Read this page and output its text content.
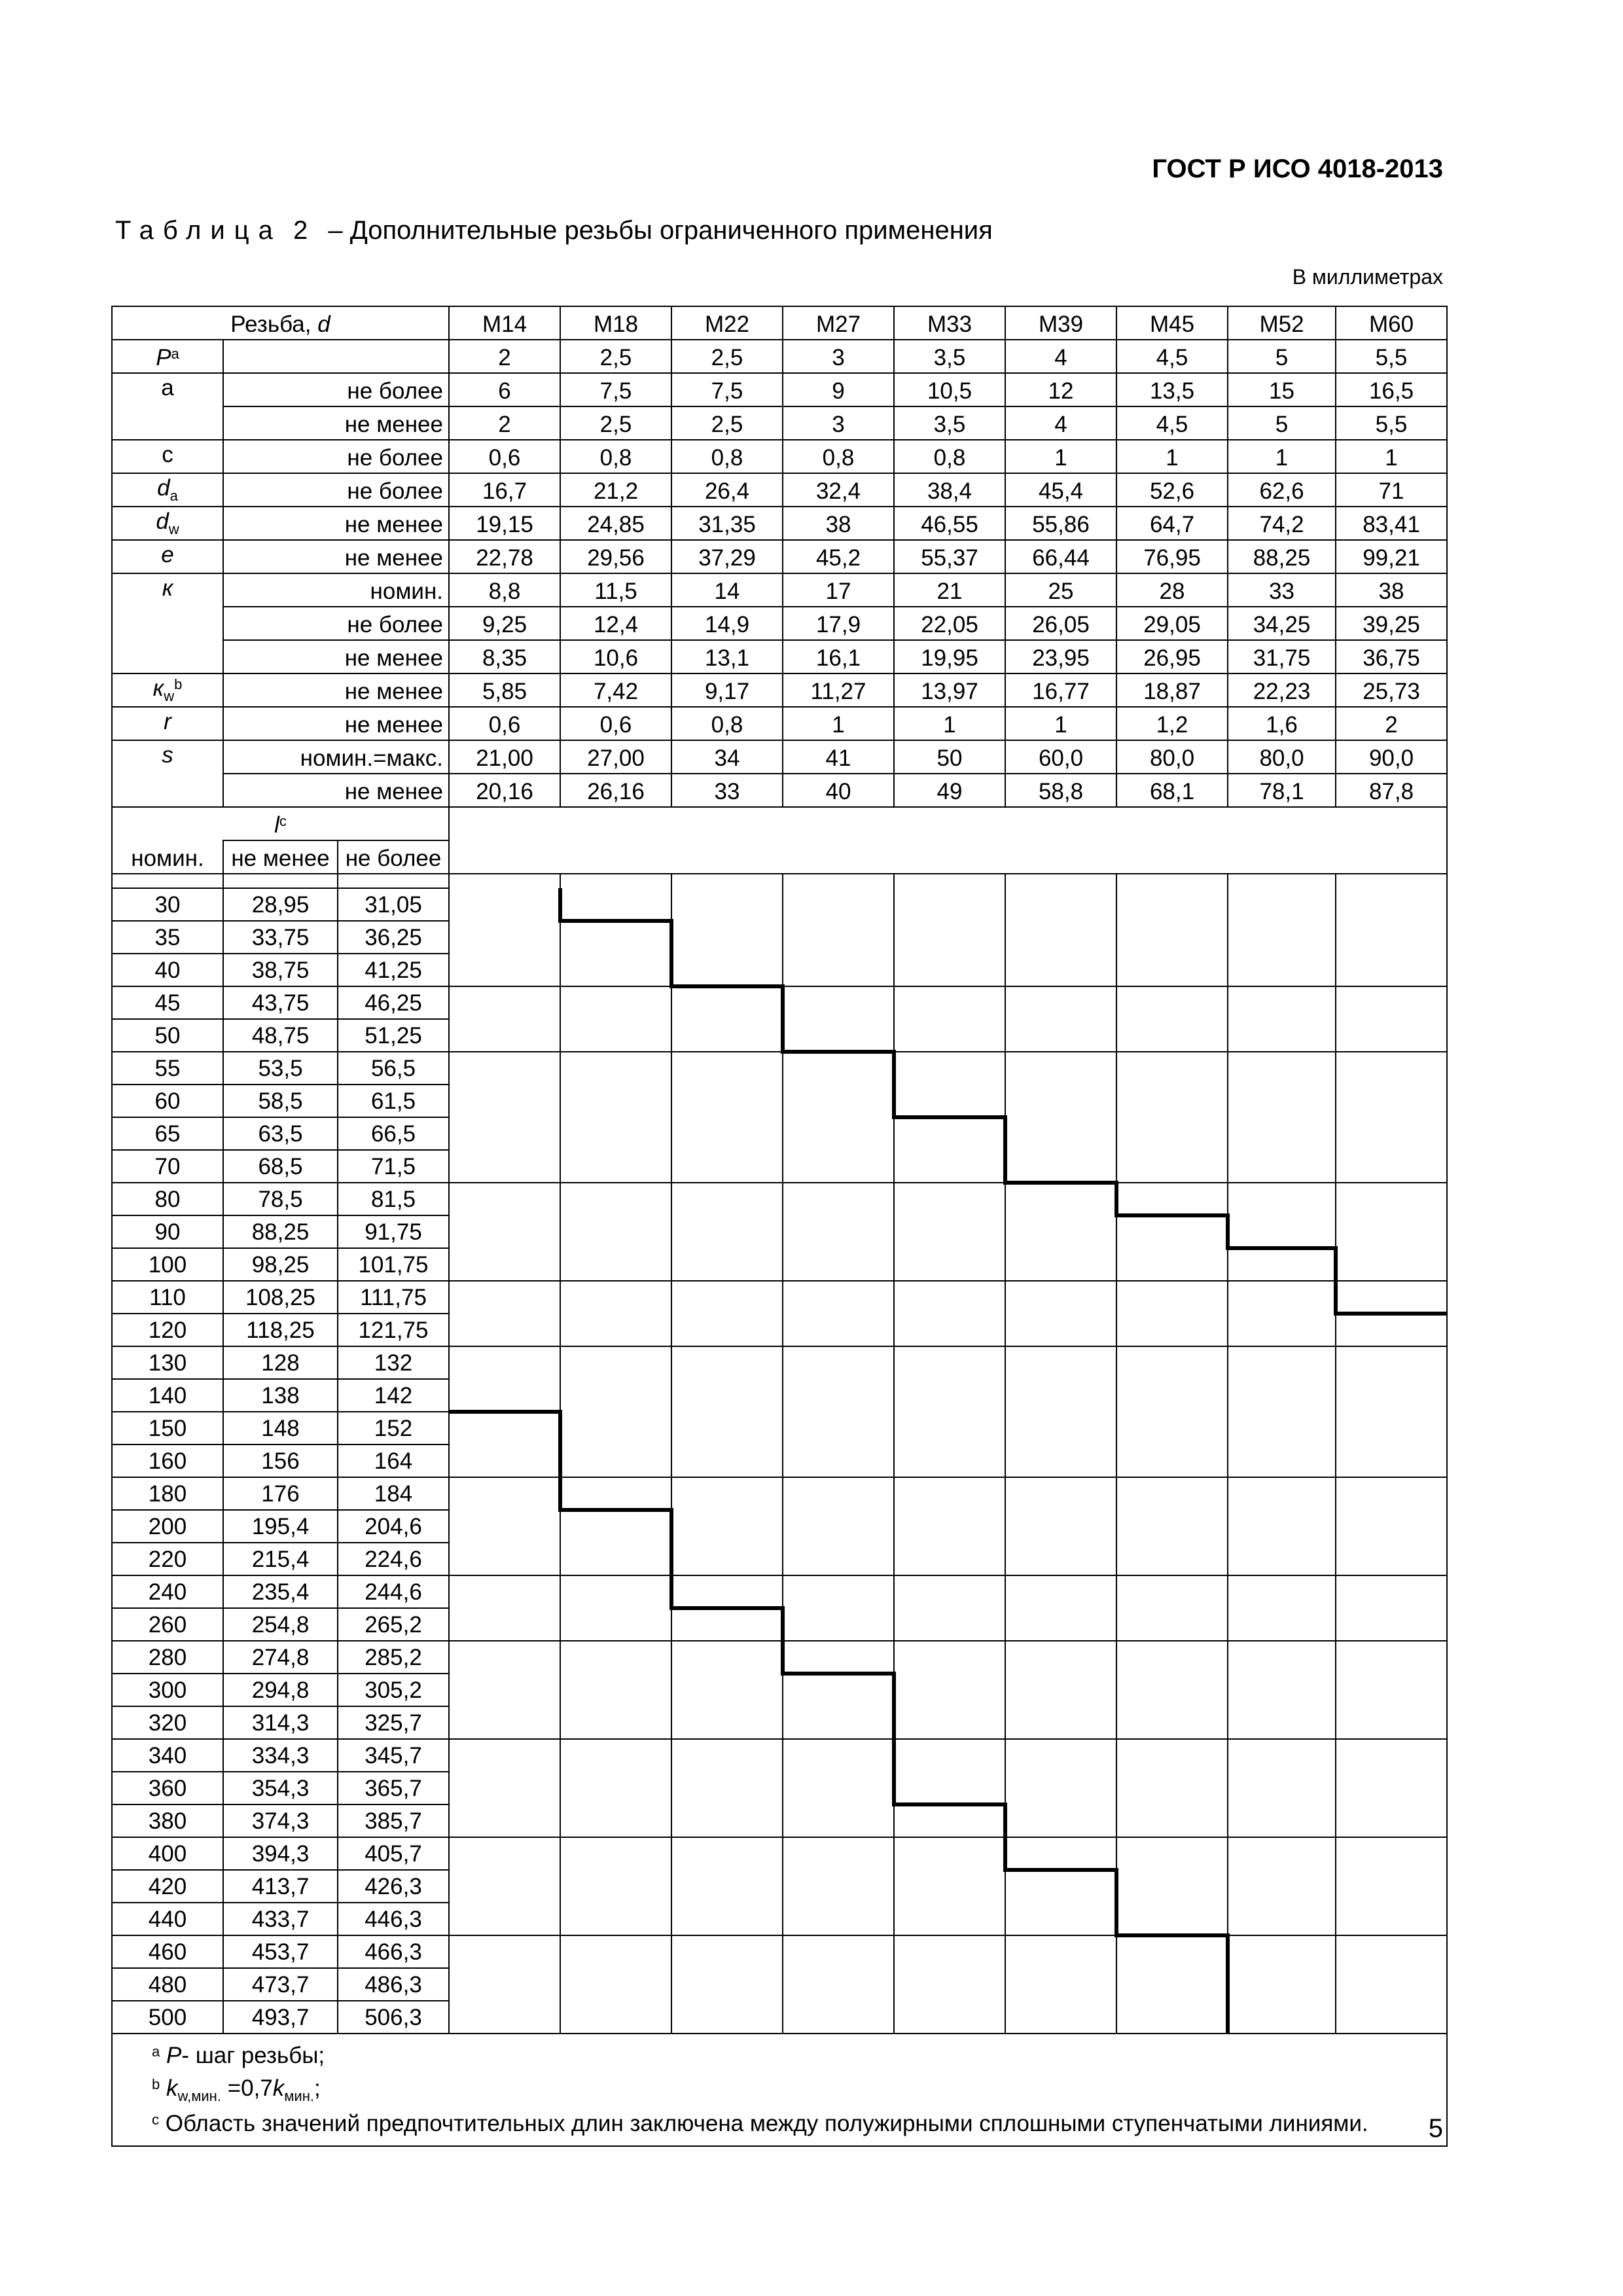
ГОСТ Р ИСО 4018-2013
Таблица 2 – Дополнительные резьбы ограниченного применения
В миллиметрах
Резьба, d			M14	M18	M22	M27	M33	M39	M45	M52	M60
$P^a$			2	2,5	2,5	3	3,5	4	4,5	5	5,5
a	не более		6	7,5	7,5	9	10,5	12	13,5	15	16,5
	не менее		2	2,5	2,5	3	3,5	4	4,5	5	5,5
c	не более		0,6	0,8	0,8	0,8	0,8	1	1	1	1
$d_a$	не более		16,7	21,2	26,4	32,4	38,4	45,4	52,6	62,6	71
$d_w$	не менее		19,15	24,85	31,35	38	46,55	55,86	64,7	74,2	83,41
e	не менее		22,78	29,56	37,29	45,2	55,37	66,44	76,95	88,25	99,21
к	номин.		8,8	11,5	14	17	21	25	28	33	38
	не более		9,25	12,4	14,9	17,9	22,05	26,05	29,05	34,25	39,25
	не менее		8,35	10,6	13,1	16,1	19,95	23,95	26,95	31,75	36,75
$к_w^b$	не менее		5,85	7,42	9,17	11,27	13,97	16,77	18,87	22,23	25,73
r	не менее		0,6	0,6	0,8	1	1	1	1,2	1,6	2
s	номин.=макс.		21,00	27,00	34	41	50	60,0	80,0	80,0	90,0
	не менее		20,16	26,16	33	40	49	58,8	68,1	78,1	87,8
$l^c$	
номин.	не менее	не более									

30	28,95	31,05									
35	33,75	36,25									
40	38,75	41,25									
45	43,75	46,25									
50	48,75	51,25									
55	53,5	56,5									
60	58,5	61,5									
65	63,5	66,5									
70	68,5	71,5									
80	78,5	81,5									
90	88,25	91,75									
100	98,25	101,75									
110	108,25	111,75									
120	118,25	121,75									
130	128	132									
140	138	142									
150	148	152									
160	156	164									
180	176	184									
200	195,4	204,6									
220	215,4	224,6									
240	235,4	244,6									
260	254,8	265,2									
280	274,8	285,2									
300	294,8	305,2									
320	314,3	325,7									
340	334,3	345,7									
360	354,3	365,7									
380	374,3	385,7									
400	394,3	405,7									
420	413,7	426,3									
440	433,7	446,3									
460	453,7	466,3									
480	473,7	486,3									
500	493,7	506,3									

$^a$ P- шаг резьбы;
$^b$ $k_{w,мин.} =0,7k_{мин.}$;
$^c$ Область значений предпочтительных длин заключена между полужирными сплошными ступенчатыми линиями.												5
